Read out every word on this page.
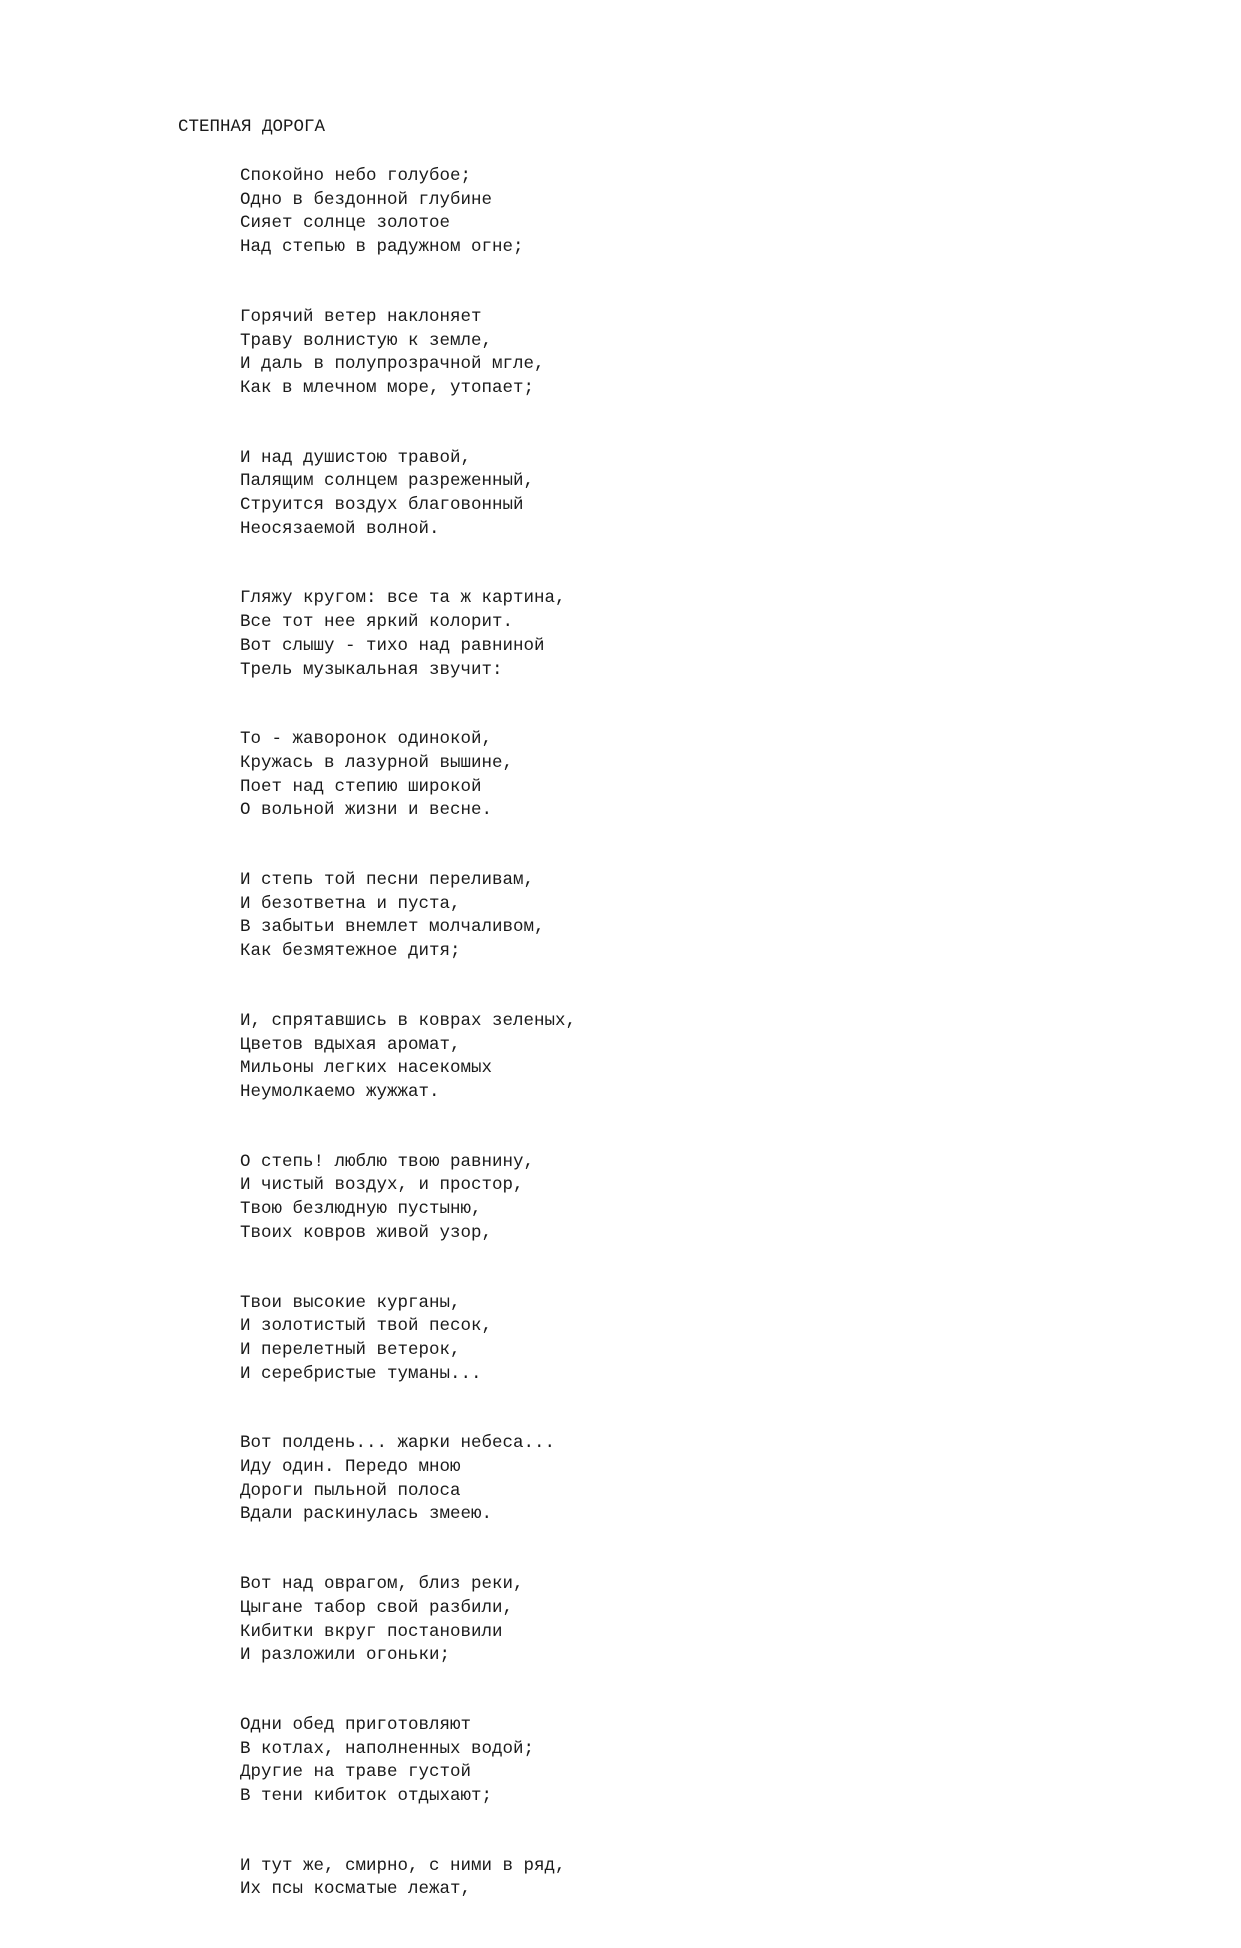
СТЕПНАЯ ДОРОГА
Спокойно небо голубое;
Одно в бездонной глубине
Сияет солнце золотое
Над степью в радужном огне;
Горячий ветер наклоняет
Траву волнистую к земле,
И даль в полупрозрачной мгле,
Как в млечном море, утопает;
И над душистою травой,
Палящим солнцем разреженный,
Струится воздух благовонный
Неосязаемой волной.
Гляжу кругом: все та ж картина,
Все тот нее яркий колорит.
Вот слышу - тихо над равниной
Трель музыкальная звучит:
То - жаворонок одинокой,
Кружась в лазурной вышине,
Поет над степию широкой
О вольной жизни и весне.
И степь той песни переливам,
И безответна и пуста,
В забытьи внемлет молчаливом,
Как безмятежное дитя;
И, спрятавшись в коврах зеленых,
Цветов вдыхая аромат,
Мильоны легких насекомых
Неумолкаемо жужжат.
О степь! люблю твою равнину,
И чистый воздух, и простор,
Твою безлюдную пустыню,
Твоих ковров живой узор,
Твои высокие курганы,
И золотистый твой песок,
И перелетный ветерок,
И серебристые туманы...
Вот полдень... жарки небеса...
Иду один. Передо мною
Дороги пыльной полоса
Вдали раскинулась змеею.
Вот над оврагом, близ реки,
Цыгане табор свой разбили,
Кибитки вкруг постановили
И разложили огоньки;
Одни обед приготовляют
В котлах, наполненных водой;
Другие на траве густой
В тени кибиток отдыхают;
И тут же, смирно, с ними в ряд,
Их псы косматые лежат,
